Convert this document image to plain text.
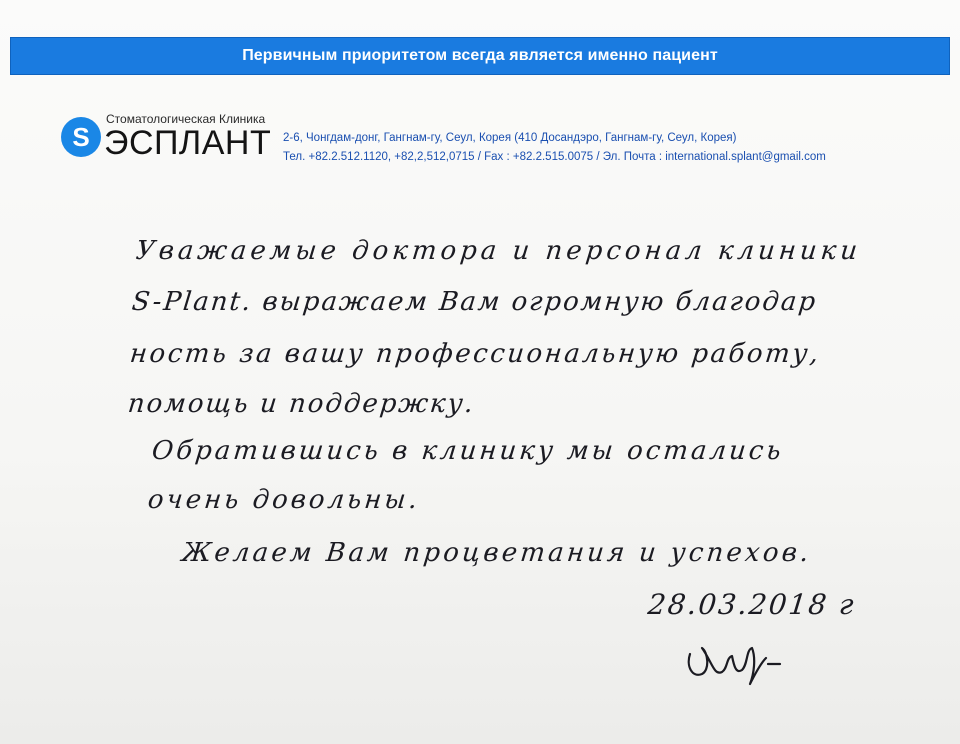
Первичным приоритетом всегда является именно пациент
S
Стоматологическая Клиника
ЭСПЛАНТ 2-6, Чонгдам-донг, Гангнам-гу, Сеул, Корея (410 Досандэро, Гангнам-гу, Сеул, Корея)
Тел. +82.2.512.1120, +82,2,512,0715 / Fax : +82.2.515.0075 / Эл. Почта : international.splant@gmail.com
Уважаемые доктора и персонал клиники
S-Plant. выражаем Вам огромную благодар
ность за вашу профессиональную работу,
помощь и поддержку.
Обратившись в клинику мы остались
очень довольны.
Желаем Вам процветания и успехов.
28.03.2018 г
